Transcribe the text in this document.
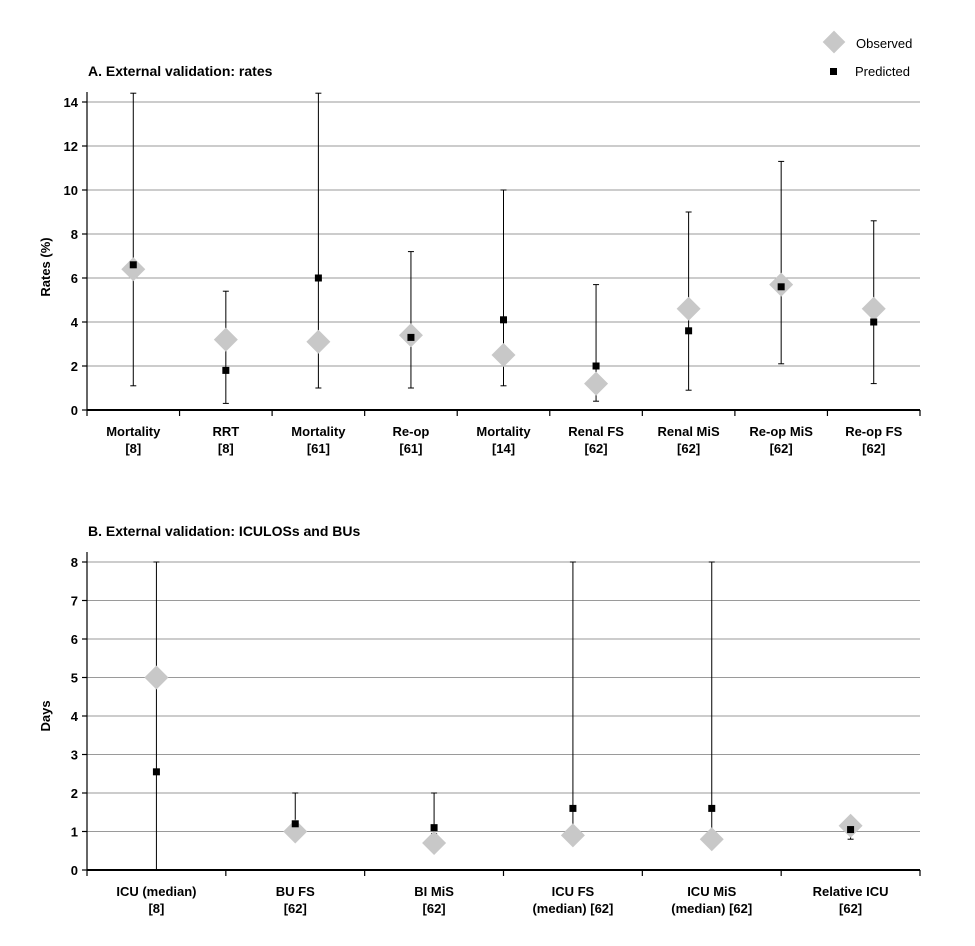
Observed
Predicted
A. External validation: rates
Rates (%)
0
2
4
6
8
10
12
14
Mortality
[8]
RRT
[8]
Mortality
[61]
Re-op
[61]
Mortality
[14]
Renal FS
[62]
Renal MiS
[62]
Re-op MiS
[62]
Re-op FS
[62]
B. External validation: ICULOSs and BUs
Days
0
1
2
3
4
5
6
7
8
ICU (median)
[8]
BU FS
[62]
BI MiS
[62]
ICU FS
(median) [62]
ICU MiS
(median) [62]
Relative ICU
[62]
